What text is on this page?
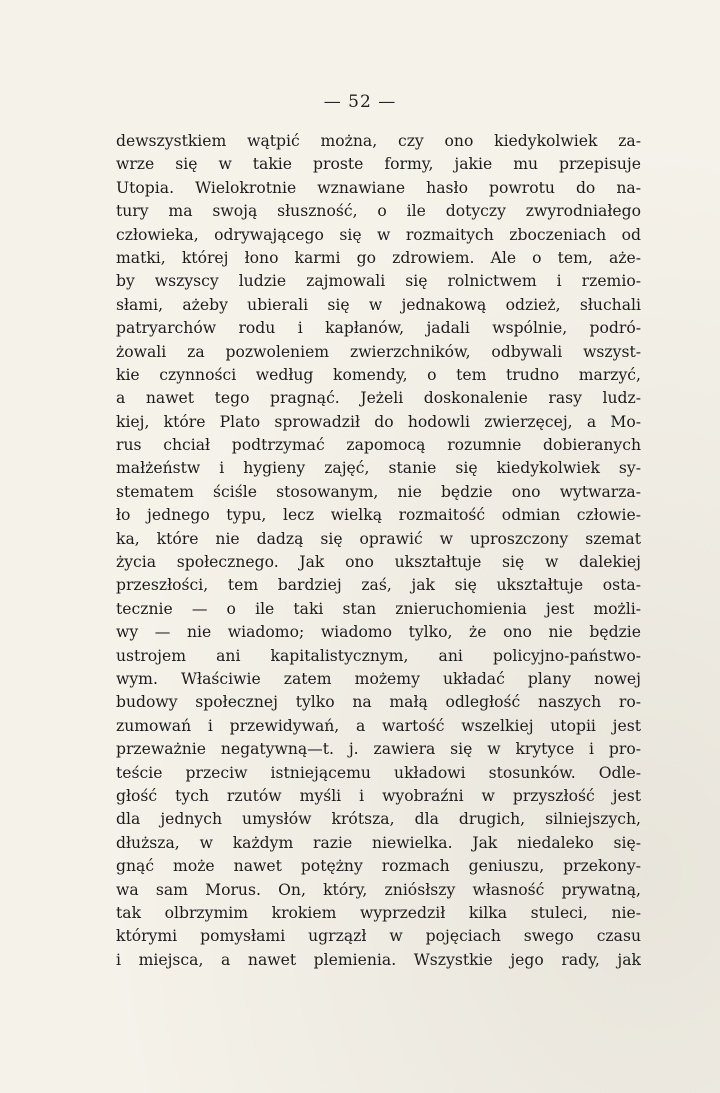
— 52 —
dewszystkiem wątpić można, czy ono kiedykolwiek za-
wrze się w takie proste formy, jakie mu przepisuje
Utopia. Wielokrotnie wznawiane hasło powrotu do na-
tury ma swoją słuszność, o ile dotyczy zwyrodniałego
człowieka, odrywającego się w rozmaitych zboczeniach od
matki, której łono karmi go zdrowiem. Ale o tem, aże-
by wszyscy ludzie zajmowali się rolnictwem i rzemio-
słami, ażeby ubierali się w jednakową odzież, słuchali
patryarchów rodu i kapłanów, jadali wspólnie, podró-
żowali za pozwoleniem zwierzchników, odbywali wszyst-
kie czynności według komendy, o tem trudno marzyć,
a nawet tego pragnąć. Jeżeli doskonalenie rasy ludz-
kiej, które Plato sprowadził do hodowli zwierzęcej, a Mo-
rus chciał podtrzymać zapomocą rozumnie dobieranych
małżeństw i hygieny zajęć, stanie się kiedykolwiek sy-
stematem ściśle stosowanym, nie będzie ono wytwarza-
ło jednego typu, lecz wielką rozmaitość odmian człowie-
ka, które nie dadzą się oprawić w uproszczony szemat
życia społecznego. Jak ono ukształtuje się w dalekiej
przeszłości, tem bardziej zaś, jak się ukształtuje osta-
tecznie — o ile taki stan znieruchomienia jest możli-
wy — nie wiadomo; wiadomo tylko, że ono nie będzie
ustrojem ani kapitalistycznym, ani policyjno-państwo-
wym. Właściwie zatem możemy układać plany nowej
budowy społecznej tylko na małą odległość naszych ro-
zumowań i przewidywań, a wartość wszelkiej utopii jest
przeważnie negatywną—t. j. zawiera się w krytyce i pro-
teście przeciw istniejącemu układowi stosunków. Odle-
głość tych rzutów myśli i wyobraźni w przyszłość jest
dla jednych umysłów krótsza, dla drugich, silniejszych,
dłuższa, w każdym razie niewielka. Jak niedaleko się-
gnąć może nawet potężny rozmach geniuszu, przekony-
wa sam Morus. On, który, zniósłszy własność prywatną,
tak olbrzymim krokiem wyprzedził kilka stuleci, nie-
którymi pomysłami ugrzązł w pojęciach swego czasu
i miejsca, a nawet plemienia. Wszystkie jego rady, jak
